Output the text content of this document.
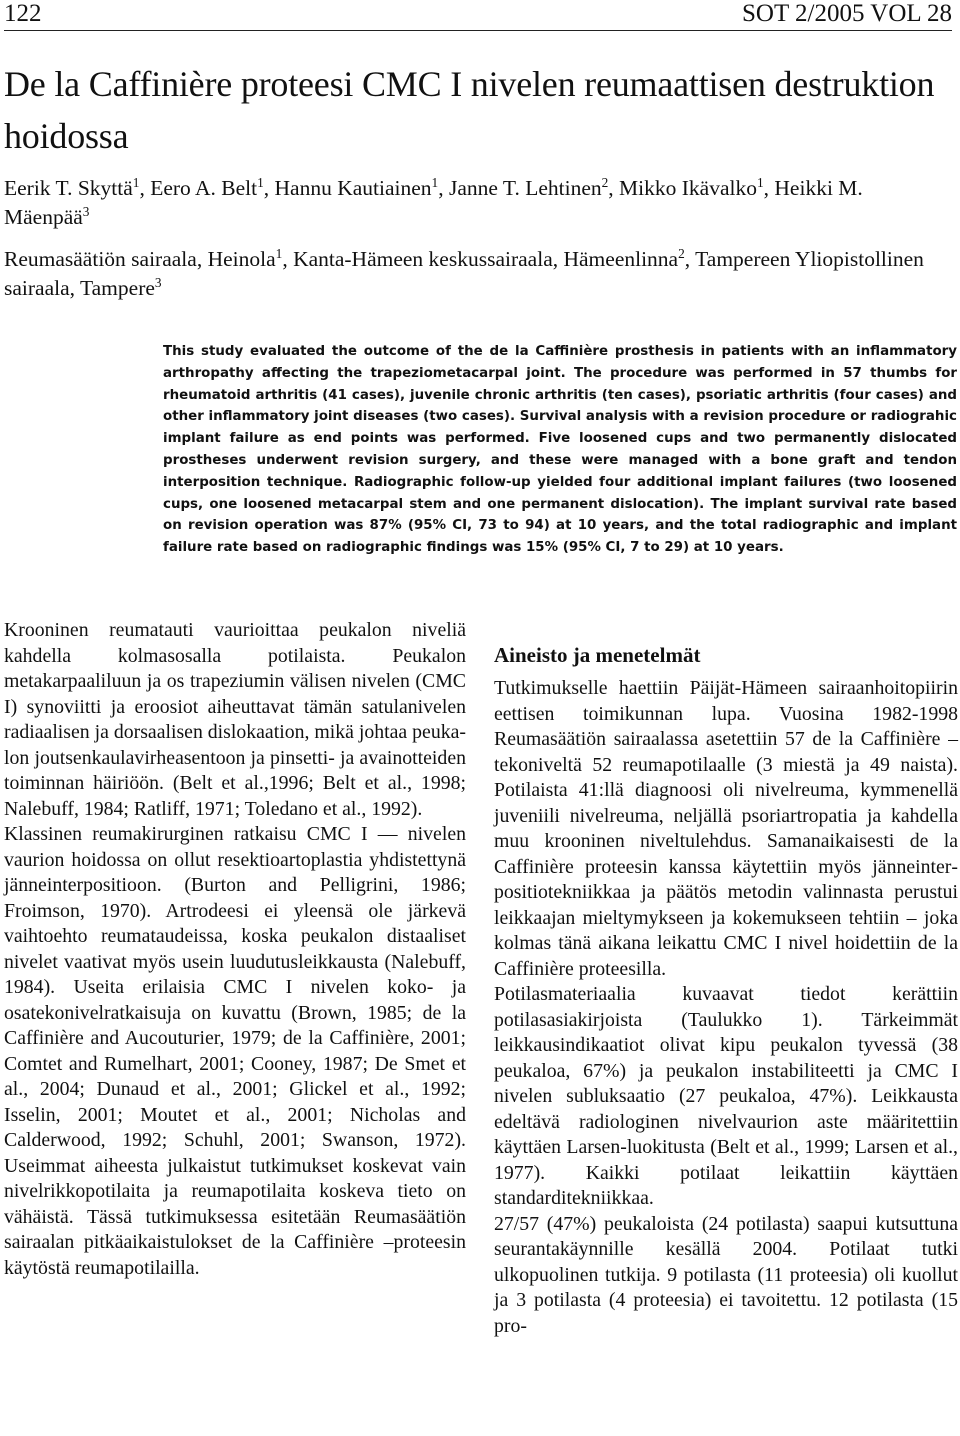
122	SOT 2/2005 VOL 28
De la Caffinière proteesi CMC I nivelen reumaattisen destruktion hoidossa
Eerik T. Skyttä$^1$, Eero A. Belt$^1$, Hannu Kautiainen$^1$, Janne T. Lehtinen$^2$, Mikko Ikävalko$^1$, Heikki M. Mäenpää$^3$
Reumasäätiön sairaala, Heinola$^1$, Kanta-Hämeen keskussairaala, Hämeenlinna$^2$, Tampereen Yliopistollinen sairaala, Tampere$^3$
This study evaluated the outcome of the de la Caffinière prosthesis in patients with an inflammatory arthropathy affecting the trapeziometacarpal joint. The procedure was performed in 57 thumbs for rheumatoid arthritis (41 cases), juvenile chronic arthritis (ten cases), psoriatic arthritis (four cases) and other inflammatory joint diseases (two cases). Survival analysis with a revision procedure or radiograhic implant failure as end points was performed. Five loosened cups and two permanently dislocated prostheses underwent revision surgery, and these were managed with a bone graft and tendon interposition technique. Radiographic follow-up yielded four additional implant failures (two loosened cups, one loosened metacarpal stem and one permanent dislocation). The implant survival rate based on revision operation was 87% (95% CI, 73 to 94) at 10 years, and the total radiographic and implant failure rate based on radiographic findings was 15% (95% CI, 7 to 29) at 10 years.

Krooninen reumatauti vaurioittaa peukalon niveliä kahdella kolmasosalla potilaista. Peukalon metakarpaaliluun ja os trapeziumin välisen nivelen (CMC I) synoviitti ja eroosiot aiheuttavat tämän satulanivelen radiaalisen ja dorsaalisen dislokaation, mikä johtaa peukalon joutsenkaulavirheasentoon ja pinsetti- ja avainotteiden toiminnan häiriöön. (Belt et al.,1996; Belt et al., 1998; Nalebuff, 1984; Ratliff, 1971; Toledano et al., 1992).

Klassinen reumakirurginen ratkaisu CMC I — nivelen vaurion hoidossa on ollut resektioartoplastia yhdistettynä jänneinterpositioon. (Burton and Pelligrini, 1986; Froimson, 1970). Artrodeesi ei yleensä ole järkevä vaihtoehto reumataudeissa, koska peukalon distaaliset nivelet vaativat myös usein luudutusleikkausta (Nalebuff, 1984). Useita erilaisia CMC I nivelen koko- ja osatekonivelratkaisuja on kuvattu (Brown, 1985; de la Caffinière and Aucouturier, 1979; de la Caffinière, 2001; Comtet and Rumelhart, 2001; Cooney, 1987; De Smet et al., 2004; Dunaud et al., 2001; Glickel et al., 1992; Isselin, 2001; Moutet et al., 2001; Nicholas and Calderwood, 1992; Schuhl, 2001; Swanson, 1972). Useimmat aiheesta julkaistut tutkimukset koskevat vain nivelrikkopotilaita ja reumapotilaita koskeva tieto on vähäistä. Tässä tutkimuksessa esitetään Reumasäätiön sairaalan pitkäaikaistulokset de la Caffinière –proteesin käytöstä reumapotilailla.

Aineisto ja menetelmät

Tutkimukselle haettiin Päijät-Hämeen sairaanhoitopiirin eettisen toimikunnan lupa. Vuosina 1982-1998 Reumasäätiön sairaalassa asetettiin 57 de la Caffinière –tekoniveltä 52 reumapotilaalle (3 miestä ja 49 naista). Potilaista 41:llä diagnoosi oli nivelreuma, kymmenellä juveniili nivelreuma, neljällä psoriartropatia ja kahdella muu krooninen niveltulehdus. Samanaikaisesti de la Caffinière proteesin kanssa käytettiin myös jänneinterpositiotekniikkaa ja päätös metodin valinnasta perustui leikkaajan mieltymykseen ja kokemukseen tehtiin – joka kolmas tänä aikana leikattu CMC I nivel hoidettiin de la Caffinière proteesilla.

Potilasmateriaalia kuvaavat tiedot kerättiin potilasasiakirjoista (Taulukko 1). Tärkeimmät leikkausindikaatiot olivat kipu peukalon tyvessä (38 peukaloa, 67%) ja peukalon instabiliteetti ja CMC I nivelen subluksaatio (27 peukaloa, 47%). Leikkausta edeltävä radiologinen nivelvaurion aste määritettiin käyttäen Larsen-luokitusta (Belt et al., 1999; Larsen et al., 1977). Kaikki potilaat leikattiin käyttäen standarditekniikkaa.

27/57 (47%) peukaloista (24 potilasta) saapui kutsuttuna seurantakäynnille kesällä 2004. Potilaat tutki ulkopuolinen tutkija. 9 potilasta (11 proteesia) oli kuollut ja 3 potilasta (4 proteesia) ei tavoitettu. 12 potilasta (15 pro-
